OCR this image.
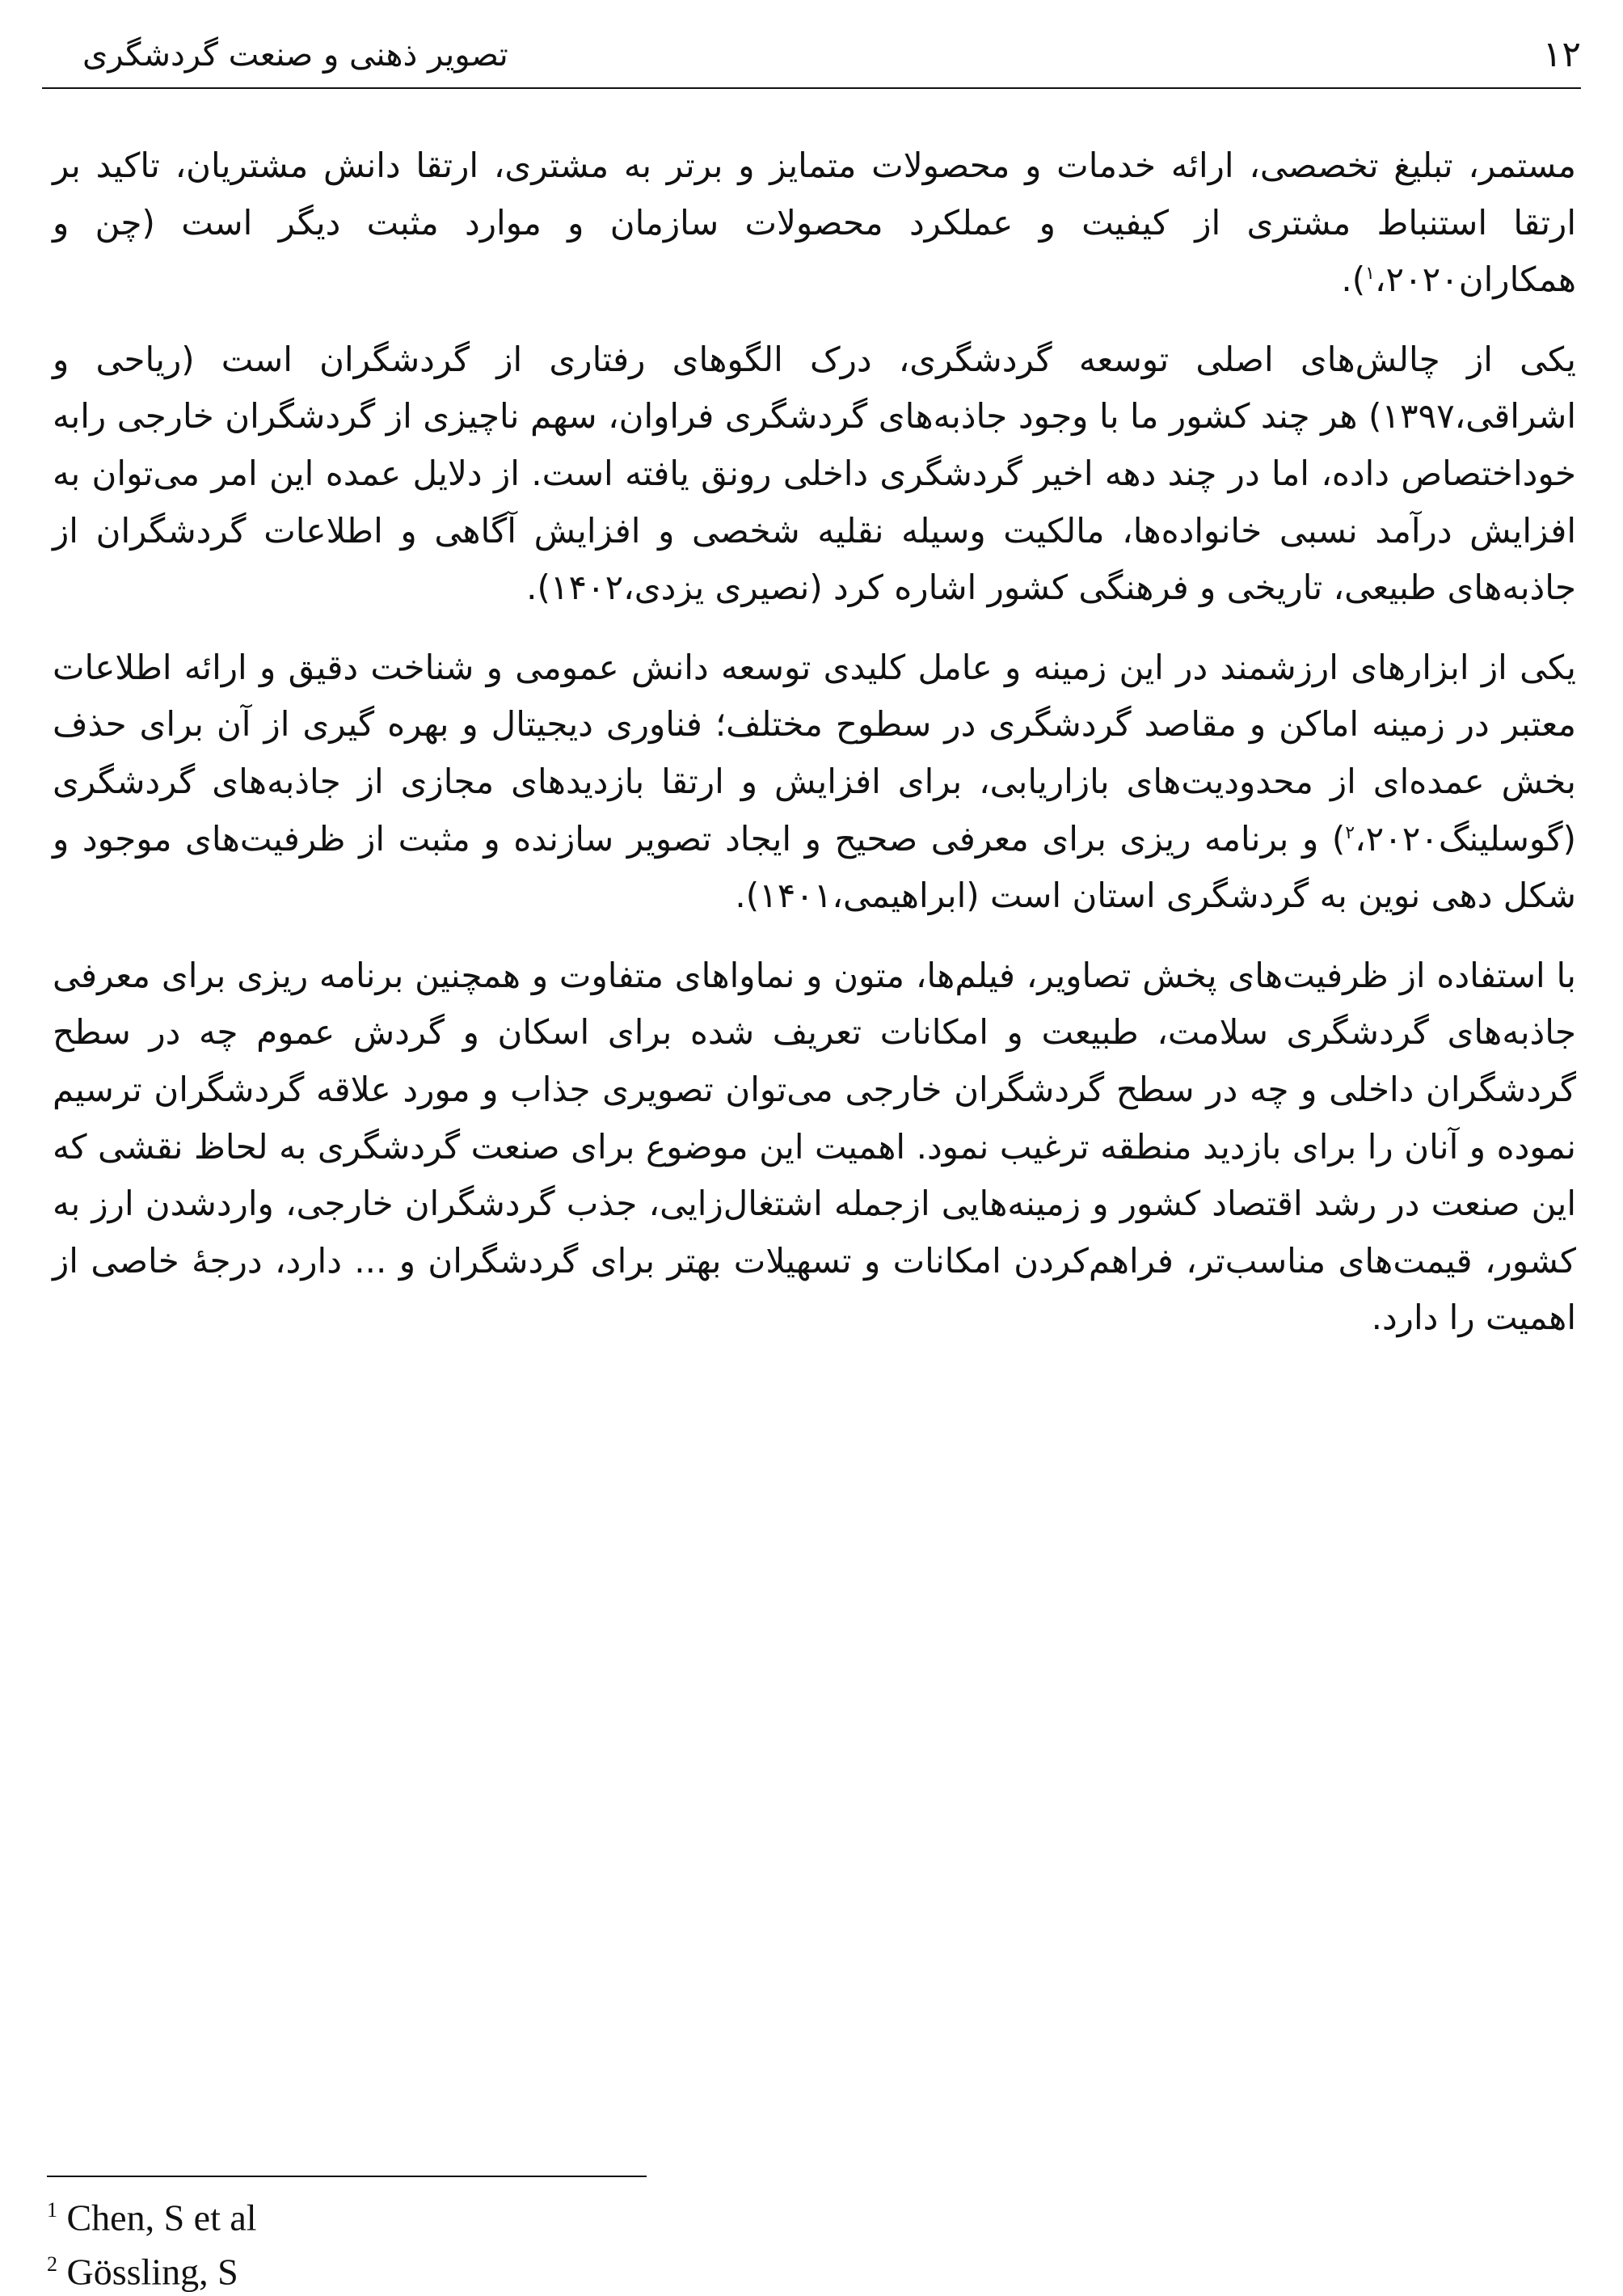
۱۲
تصویر ذهنی و صنعت گردشگری

مستمر، تبلیغ تخصصی، ارائه خدمات و محصولات متمایز و برتر به مشتری، ارتقا دانش مشتریان، تاکید بر ارتقا استنباط مشتری از کیفیت و عملکرد محصولات سازمان و موارد مثبت دیگر است (چن و همکاران$^۱$،۲۰۲۰).

یکی از چالش‌های اصلی توسعه گردشگری، درک الگوهای رفتاری از گردشگران است (ریاحی و اشراقی،۱۳۹۷) هر چند کشور ما با وجود جاذبه‌های گردشگری فراوان، سهم ناچیزی از گردشگران خارجی رابه خوداختصاص داده، اما در چند دهه اخیر گردشگری داخلی رونق یافته است. از دلایل عمده این امر می‌توان به افزایش درآمد نسبی خانواده‌ها، مالکیت وسیله نقلیه شخصی و افزایش آگاهی و اطلاعات گردشگران از جاذبه‌های طبیعی، تاریخی و فرهنگی کشور اشاره کرد (نصیری یزدی،۱۴۰۲).

یکی از ابزارهای ارزشمند در این زمینه و عامل کلیدی توسعه دانش عمومی و شناخت دقیق و ارائه اطلاعات معتبر در زمینه اماکن و مقاصد گردشگری در سطوح مختلف؛ فناوری دیجیتال و بهره گیری از آن برای حذف بخش عمده‌ای از محدودیت‌های بازاریابی، برای افزایش و ارتقا بازدیدهای مجازی از جاذبه‌های گردشگری (گوسلینگ$^۲$،۲۰۲۰) و برنامه ریزی برای معرفی صحیح و ایجاد تصویر سازنده و مثبت از ظرفیت‌های موجود و شکل دهی نوین به گردشگری استان است (ابراهیمی،۱۴۰۱).

با استفاده از ظرفیت‌های پخش تصاویر، فیلم‌ها، متون و نماواهای متفاوت و همچنین برنامه ریزی برای معرفی جاذبه‌های گردشگری سلامت، طبیعت و امکانات تعریف شده برای اسکان و گردش عموم چه در سطح گردشگران داخلی و چه در سطح گردشگران خارجی می‌توان تصویری جذاب و مورد علاقه گردشگران ترسیم نموده و آنان را برای بازدید منطقه ترغیب نمود. اهمیت این موضوع برای صنعت گردشگری به لحاظ نقشی که این صنعت در رشد اقتصاد کشور و زمینه‌هایی ازجمله اشتغال‌زایی، جذب گردشگران خارجی، واردشدن ارز به کشور، قیمت‌های مناسب‌تر، فراهم‌کردن امکانات و تسهیلات بهتر برای گردشگران و ... دارد، درجۀ خاصی از اهمیت را دارد.

$^1$ Chen, S et al
$^2$ Gössling, S
